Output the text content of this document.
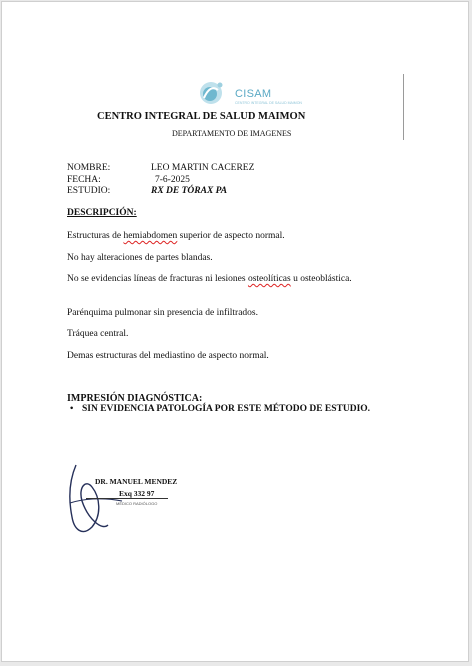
CISAM
CENTRO INTEGRAL DE SALUD MAIMON
CENTRO INTEGRAL DE SALUD MAIMON
DEPARTAMENTO DE IMAGENES
NOMBRE:	LEO MARTIN CACEREZ
FECHA:	7-6-2025
ESTUDIO:	RX DE TÓRAX PA
DESCRIPCIÓN:
Estructuras de hemiabdomen superior de aspecto normal.
No hay alteraciones de partes blandas.
No se evidencias líneas de fracturas ni lesiones osteolíticas u osteoblástica.
Parénquima pulmonar sin presencia de infiltrados.
Tráquea central.
Demas estructuras del mediastino de aspecto normal.
IMPRESIÓN DIAGNÓSTICA:
• SIN EVIDENCIA PATOLOGÍA POR ESTE MÉTODO DE ESTUDIO.
DR. MANUEL MENDEZ
Exq 332 97
MÉDICO RADIÓLOGO
